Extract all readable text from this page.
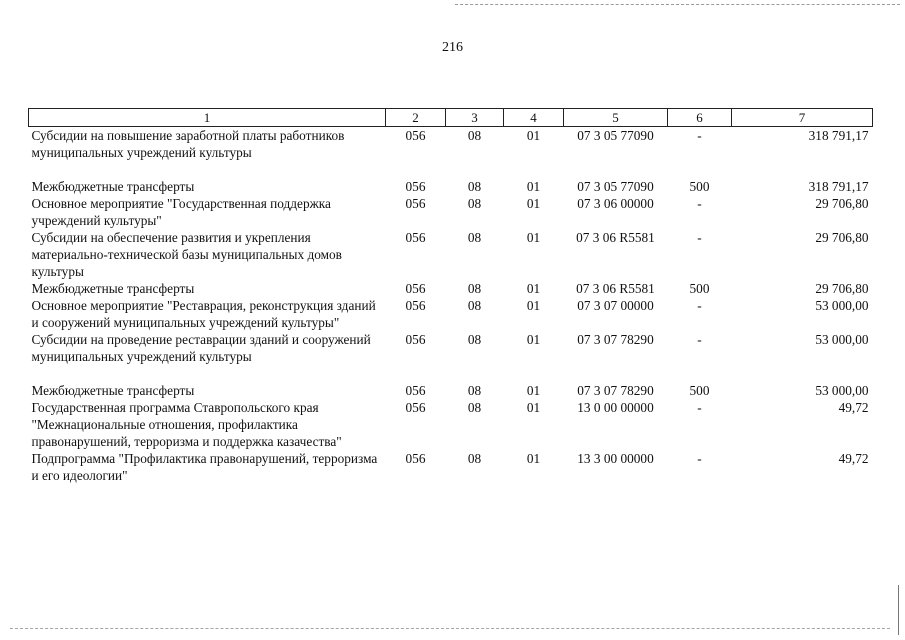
216
1	2	3	4	5	6	7
Субсидии на повышение заработной платы работников муниципальных учреждений культуры	056	08	01	07 3 05 77090	-	318 791,17
Межбюджетные трансферты	056	08	01	07 3 05 77090	500	318 791,17
Основное мероприятие "Государственная поддержка учреждений культуры"	056	08	01	07 3 06 00000	-	29 706,80
Субсидии на обеспечение развития и укрепления материально-технической базы муниципальных домов культуры	056	08	01	07 3 06 R5581	-	29 706,80
Межбюджетные трансферты	056	08	01	07 3 06 R5581	500	29 706,80
Основное мероприятие "Реставрация, реконструкция зданий и сооружений муниципальных учреждений культуры"	056	08	01	07 3 07 00000	-	53 000,00
Субсидии на проведение реставрации зданий и сооружений муниципальных учреждений культуры	056	08	01	07 3 07 78290	-	53 000,00
Межбюджетные трансферты	056	08	01	07 3 07 78290	500	53 000,00
Государственная программа Ставропольского края "Межнациональные отношения, профилактика правонарушений, терроризма и поддержка казачества"	056	08	01	13 0 00 00000	-	49,72
Подпрограмма "Профилактика правонарушений, терроризма и его идеологии"	056	08	01	13 3 00 00000	-	49,72
